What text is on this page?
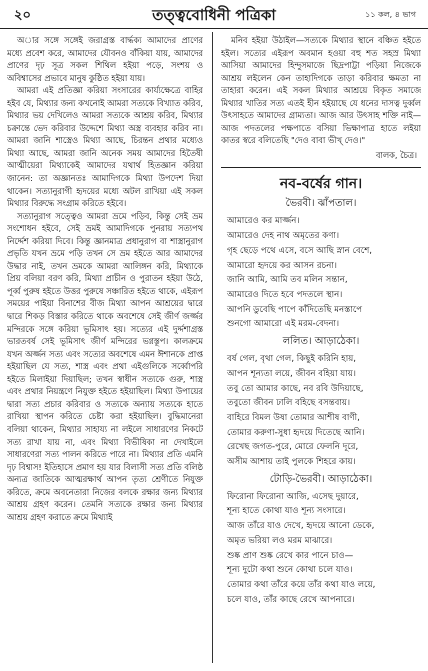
২০	তত্ত্ববোধিনী পত্রিকা	১১ কল, ৪ ভাগ

অার সঙ্গে সঙ্গেই জরাগ্রস্ত বার্দ্ধক্য আমাদের প্রাণের মধ্যে প্রবেশ করে, আমাদের যৌবনও বাঁকিয়া যায়, আমাদের প্রাণের দৃঢ় সূত্র সকল শিথিল হইয়া পড়ে, সংশয় ও অবিশ্বাসের প্রভাবে মানুষ কুষ্ঠিত হইয়া যায়।

আমরা এই প্রতিজ্ঞা করিয়া সংসারের কার্য্যক্ষেত্রে বাহির হইব যে, মিথ্যার জন্য কখনোই আমরা সত্যকে বিখ্যাত করিব, মিথ্যার ভয় দেখিলেও আমরা সত্যকে আশ্রয় করিব, মিথ্যার চক্রান্তে ভেদ করিবার উদ্দেশে মিথ্যা অস্ত্র ব্যবহার করিব না। আমরা জানি শাস্ত্রেও মিথ্যা আছে, চিরন্তন প্রথার মধ্যেও মিথ্যা আছে, আমরা জানি অনেক সময় আমাদের হিতৈষী আত্মীয়েরা মিথ্যাকেই আমাদের যথার্থ হিতজ্ঞান করিয়া জানেন: তা অজ্ঞানতঃ আমাদিগকে মিথ্যা উপদেশ দিয়া থাকেন। সত্যানুরাগী হৃদয়ের মধ্যে অটল রাখিয়া এই সকল মিথ্যার বিরুদ্ধে সংগ্রাম করিতে হইবে।

সত্যানুরাগ সত্ত্বেও আমরা ভ্রমে পড়িব, কিন্তু সেই ভ্রম সংশোধন হইবে, সেই ভ্রমই আমাদিগকে পুনরায় সত্যপথ নির্দ্দেশ করিয়া দিবে। কিন্তু জ্ঞানমাত্র প্রধানুরাগ বা শাস্ত্রানুরাগ প্রভৃতি যখন ভ্রমে পড়ি তখন সে ভ্রম হইতে আর আমাদের উদ্ধার নাই, তখন ভ্রমকে আমরা আলিঙ্গন করি, মিথ্যাকে প্রিয় বলিয়া বরণ করি, মিথ্যা প্রাচীন ও পুরাতন হইয়া উঠে, পূর্ব্ব পুরুষ হইতে উত্তর পুরুষে সঞ্চারিত হইতে থাকে, এইরূপ সময়ের পাইয়া বিনাশের বীজ মিথ্যা আপন আশ্রয়ের দ্বারে দ্বারে শিকড় বিস্তার করিতে থাকে অবশেষে সেই জীর্ণ জর্জ্জর মন্দিরকে সঙ্গে করিয়া ভূমিসাৎ হয়। সত্যের এই দুর্দ্দশাগ্রস্ত ভারতবর্ষ সেই ভূমিসাৎ জীর্ণ মন্দিরের ভগ্নস্তূপ। কালক্রমে যখন অর্জ্জন সত্য এবং সত্যের অবশেষে এমন ঈশানকে প্রাপ্ত হইয়াছিল যে সত্য, শাস্ত্র এবং প্রথা এইগুলিকে সর্ব্বোপরি হইতে মিলাইয়া দিয়াছিল; তখন স্বাধীন সত্যকে গুরু, শাস্ত্র এবং প্রথার নিয়ন্ত্রণে নিযুক্ত হইতে হইয়াছিল। মিথ্যা উপায়ের দ্বারা সত্য প্রচার করিবার ও সত্যকে অন্যায় সত্যকে হাতে রাখিয়া স্থাপন করিতে চেষ্টা করা হইয়াছিল। বুদ্ধিমানেরা বলিয়া থাকেন, মিথ্যার সাহায্য না লইলে সাধারণের নিকটে সত্য রাখা যায় না, এবং মিথ্যা বিভীষিকা না দেখাইলে সাধারণেরা সত্য পালন করিতে পারে না। মিথ্যার প্রতি এমনি দৃঢ় বিশ্বাস! ইতিহাসে প্রমাণ হয় যার বিলাসী সত্য প্রতি বলিষ্ঠ অন্যত্র জাতিকে আত্মরক্ষার্থ আপন তৃত্য শ্রেণীতে নিযুক্ত করিতে, ক্রমে অবনেতারা নিজের বলকে রক্ষার জন্য মিথ্যার আশ্রয় গ্রহণ করেন। তেমনি সত্যকে রক্ষার জন্য মিথ্যার আশ্রয় গ্রহণ করাতে ক্রমে মিথ্যাই

মনিব হইয়া উঠাইল—সত্যকে মিথ্যার স্থানে বঞ্চিত হইতে হইল। সত্যের এইরূপ অবমান হওয়া বহু শত সহস্র মিথ্যা আসিয়া আমাদের হিন্দুসমাজে ছিদ্রপাট্টা পড়িয়া নিজেকে আশ্রয় লইলেন কেন তাহাদিগকে তাড়া করিবার ক্ষমতা না তাহারা করেন। এই সকল মিথ্যার আশ্রয়ে বিকৃত সমাজে মিথ্যার খাতির সত্য এতই হীন হইয়াছে যে ধনের দাসত্ব দুর্ব্বল উৎসাহতে আমাদের গ্রাম্যতা। আজ আর উৎসাহ শক্তি নাই—আজ পদতলের পক্ষপাতে বসিয়া ভিক্ষাপাত্র হাতে লইয়া কাতর স্বরে বলিতেছি "দেও বাবা ভীখ্ দেও।"

বালক, চৈত্র।
নব-বর্ষের গান।
ভৈরবী। ঝাঁপতাল।
আমারেও কর মার্জ্জন।
আমারেও দেহ নাথ অমৃতের কণা।
গৃহ ছেড়ে পথে এসে, বসে আছি স্নান বেশে,
আমারো হৃদয়ে কর আসন রচনা।
জানি আমি, আমি তব মলিন সন্তান,
আমারেও দিতে হবে পদতলে স্থান।
আপনি ডুবেছি পাপে কাঁদিতেছি মনস্তাপে
শুনগো আমারো এই মরম-বেদনা।
ললিত। আড়াঠেকা।
বর্ষ গেল, বৃথা গেল, কিছুই করিনি হায়,
আপন শূন্যতা লয়ে, জীবন বহিয়া যায়।
তবু তো আমার কাছে, নব রবি উদিয়াছে,
তবুতো জীবন ঢালি বহিছে বসন্তবায়।
বাহিরে বিমল উষা তোমার আশীষ বাণী,
তোমার করুণা-সুধা হৃদয়ে দিতেছে আনি।
রেখেছ জগত-পুরে, মোরে ফেলনি দূরে,
অসীম আশায় তাই পুলকে শিহরে কায়।
টোড়ি-ভৈরবী। আড়াঠেকা।
ফিরোনা ফিরোনা আজি, এসেছ দুয়ারে,
শূন্য হাতে কোথা যাও শূন্য সংসারে।
আজ তাঁরে যাও দেখে, হৃদয়ে আনো ডেকে,
অমৃত ভরিয়া লও মরম মাঝারে।
শুষ্ক প্রাণ শুষ্ক রেখে কার পানে চাও—
শূন্য দুটো কথা শুনে কোথা চলে যাও।
তোমার কথা তাঁরে কয়ে তাঁর কথা যাও লয়ে,
চলে যাও, তাঁর কাছে রেখে আপনারে।
